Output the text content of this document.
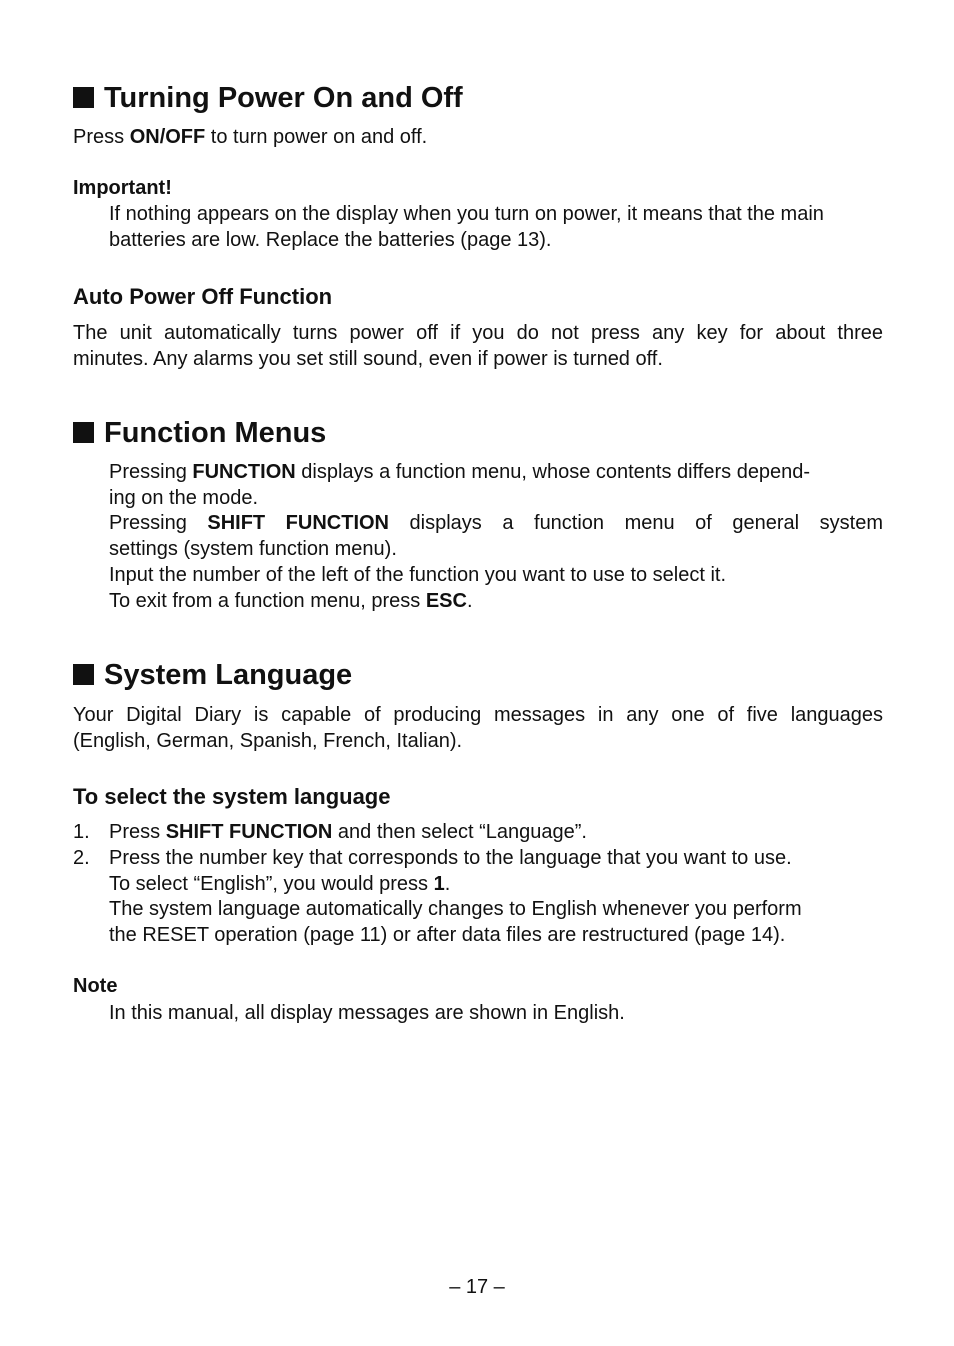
Turning Power On and Off
Press ON/OFF to turn power on and off.
Important!
If nothing appears on the display when you turn on power, it means that the main
batteries are low. Replace the batteries (page 13).
Auto Power Off Function
The unit automatically turns power off if you do not press any key for about three
minutes. Any alarms you set still sound, even if power is turned off.
Function Menus
Pressing FUNCTION displays a function menu, whose contents differs depend-
ing on the mode.
Pressing SHIFT FUNCTION displays a function menu of general system
settings (system function menu).
Input the number of the left of the function you want to use to select it.
To exit from a function menu, press ESC.
System Language
Your Digital Diary is capable of producing messages in any one of five languages
(English, German, Spanish, French, Italian).
To select the system language
1. Press SHIFT FUNCTION and then select “Language”.
2. Press the number key that corresponds to the language that you want to use.
To select “English”, you would press 1.
The system language automatically changes to English whenever you perform
the RESET operation (page 11) or after data files are restructured (page 14).
Note
In this manual, all display messages are shown in English.
– 17 –
